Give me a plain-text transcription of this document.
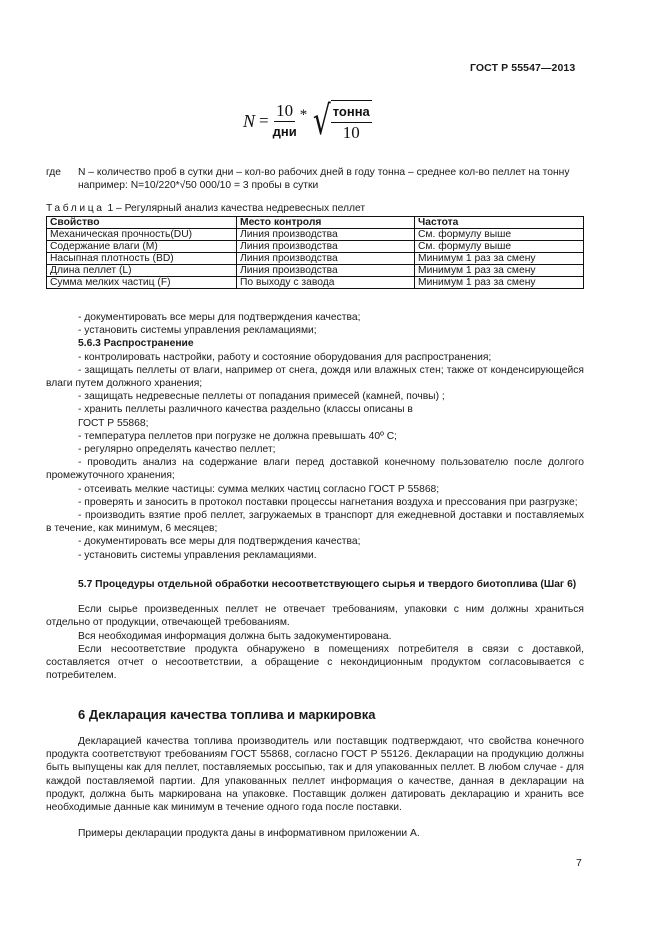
ГОСТ Р 55547—2013
$N = \frac{10}{\text{дни}}$ * √ $\frac{\text{тонна}}{10}$
где N – количество проб в сутки дни – кол-во рабочих дней в году тонна – среднее кол-во пеллет на тонну например: N=10/220*√50 000/10 = 3 пробы в сутки
Таблица 1 – Регулярный анализ качества недревесных пеллет
Свойство	Место контроля	Частота
Механическая прочность(DU)	Линия производства	См. формулу выше
Содержание влаги (M)	Линия производства	См. формулу выше
Насыпная плотность (BD)	Линия производства	Минимум 1 раз за смену
Длина пеллет (L)	Линия производства	Минимум 1 раз за смену
Сумма мелких частиц (F)	По выходу с завода	Минимум 1 раз за смену

- документировать все меры для подтверждения качества;

- установить системы управления рекламациями;

5.6.3 Распространение

- контролировать настройки, работу и состояние оборудования для распространения;

- защищать пеллеты от влаги, например от снега, дождя или влажных стен; также от конденсирующейся влаги путем должного хранения;

- защищать недревесные пеллеты от попадания примесей (камней, почвы) ;

- хранить пеллеты различного качества раздельно (классы описаны в

ГОСТ Р 55868;

- температура пеллетов при погрузке не должна превышать 40º С;

- регулярно определять качество пеллет;

- проводить анализ на содержание влаги перед доставкой конечному пользователю после долгого промежуточного хранения;

- отсеивать мелкие частицы: сумма мелких частиц согласно ГОСТ Р 55868;

- проверять и заносить в протокол поставки процессы нагнетания воздуха и прессования при разгрузке;

- производить взятие проб пеллет, загружаемых в транспорт для ежедневной доставки и поставляемых в течение, как минимум, 6 месяцев;

- документировать все меры для подтверждения качества;

- установить системы управления рекламациями.

5.7 Процедуры отдельной обработки несоответствующего сырья и твердого биотоплива (Шаг 6)

Если сырье произведенных пеллет не отвечает требованиям, упаковки с ним должны храниться отдельно от продукции, отвечающей требованиям.

Вся необходимая информация должна быть задокументирована.

Если несоответствие продукта обнаружено в помещениях потребителя в связи с доставкой, составляется отчет о несоответствии, а обращение с некондиционным продуктом согласовывается с потребителем.

6 Декларация качества топлива и маркировка

Декларацией качества топлива производитель или поставщик подтверждают, что свойства конечного продукта соответствуют требованиям ГОСТ 55868, согласно ГОСТ Р 55126. Декларации на продукцию должны быть выпущены как для пеллет, поставляемых россыпью, так и для упакованных пеллет. В любом случае - для каждой поставляемой партии. Для упакованных пеллет информация о качестве, данная в декларации на продукт, должна быть маркирована на упаковке. Поставщик должен датировать декларацию и хранить все необходимые данные как минимум в течение одного года после поставки.

Примеры декларации продукта даны в информативном приложении А.

7
